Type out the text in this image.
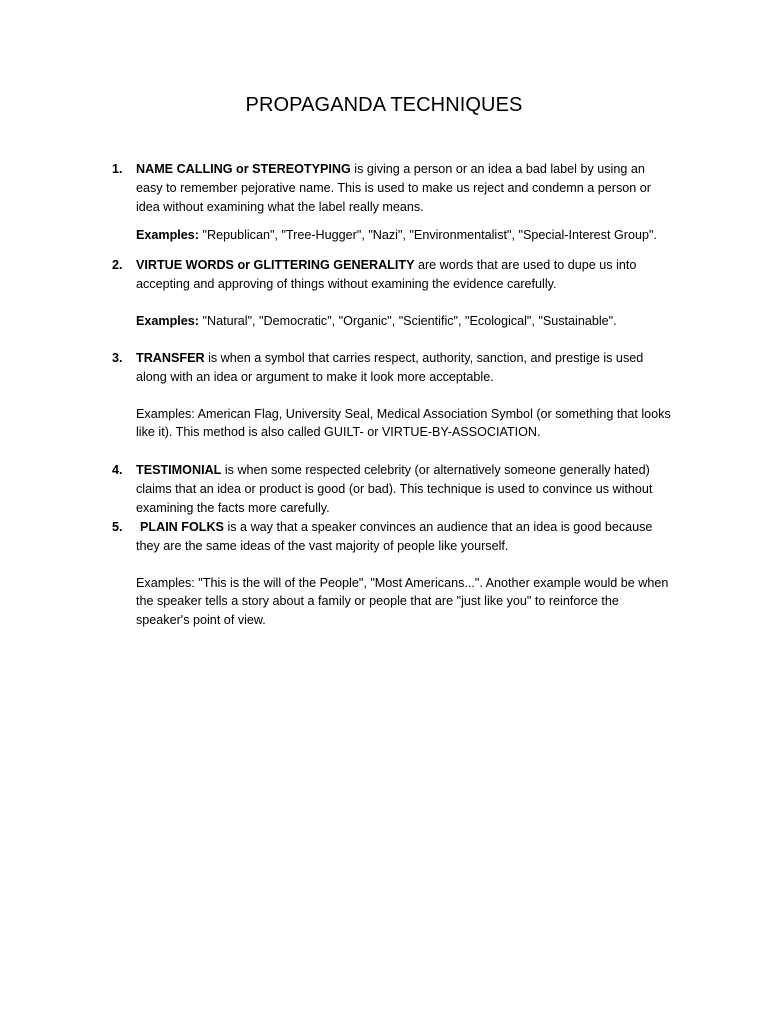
PROPAGANDA TECHNIQUES
1. NAME CALLING or STEREOTYPING is giving a person or an idea a bad label by using an easy to remember pejorative name. This is used to make us reject and condemn a person or idea without examining what the label really means.
Examples: "Republican", "Tree-Hugger", "Nazi", "Environmentalist", "Special-Interest Group".
2. VIRTUE WORDS or GLITTERING GENERALITY are words that are used to dupe us into accepting and approving of things without examining the evidence carefully.
Examples: "Natural", "Democratic", "Organic", "Scientific", "Ecological", "Sustainable".
3. TRANSFER is when a symbol that carries respect, authority, sanction, and prestige is used along with an idea or argument to make it look more acceptable.
Examples: American Flag, University Seal, Medical Association Symbol (or something that looks like it). This method is also called GUILT- or VIRTUE-BY-ASSOCIATION.
4. TESTIMONIAL is when some respected celebrity (or alternatively someone generally hated) claims that an idea or product is good (or bad). This technique is used to convince us without examining the facts more carefully.
5.	PLAIN FOLKS is a way that a speaker convinces an audience that an idea is good because they are the same ideas of the vast majority of people like yourself.
Examples: "This is the will of the People", "Most Americans...". Another example would be when the speaker tells a story about a family or people that are "just like you" to reinforce the speaker's point of view.
